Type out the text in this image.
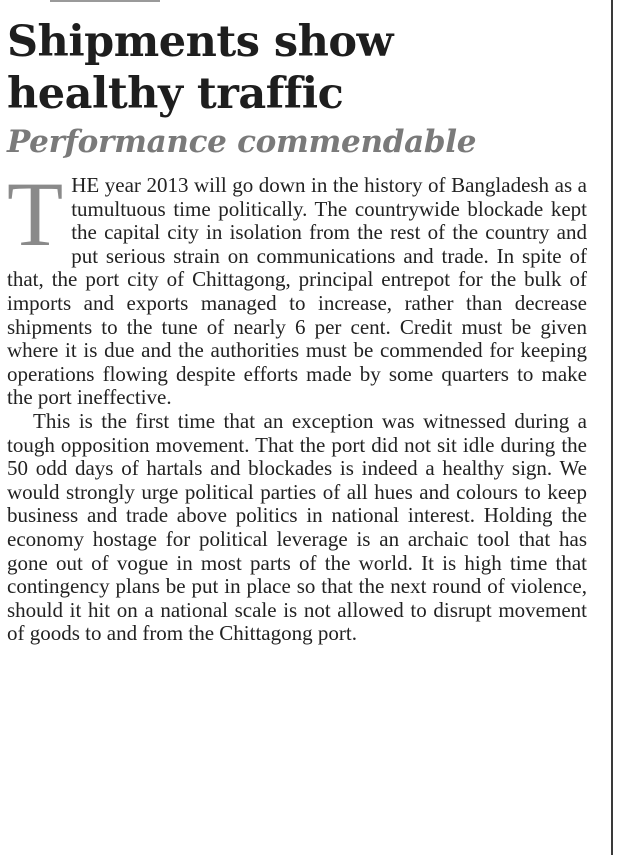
Shipments show
healthy traffic
Performance commendable

THE year 2013 will go down in the history of Bangladesh as a tumultuous time politically. The countrywide blockade kept the capital city in isolation from the rest of the country and put serious strain on communications and trade. In spite of that, the port city of Chittagong, principal entrepot for the bulk of imports and exports managed to increase, rather than decrease shipments to the tune of nearly 6 per cent. Credit must be given where it is due and the authorities must be commended for keeping operations flowing despite efforts made by some quarters to make the port ineffective.

This is the first time that an exception was witnessed during a tough opposition movement. That the port did not sit idle during the 50 odd days of hartals and blockades is indeed a healthy sign. We would strongly urge political parties of all hues and colours to keep business and trade above politics in national interest. Holding the economy hostage for political leverage is an archaic tool that has gone out of vogue in most parts of the world. It is high time that contingency plans be put in place so that the next round of violence, should it hit on a national scale is not allowed to disrupt movement of goods to and from the Chittagong port.
